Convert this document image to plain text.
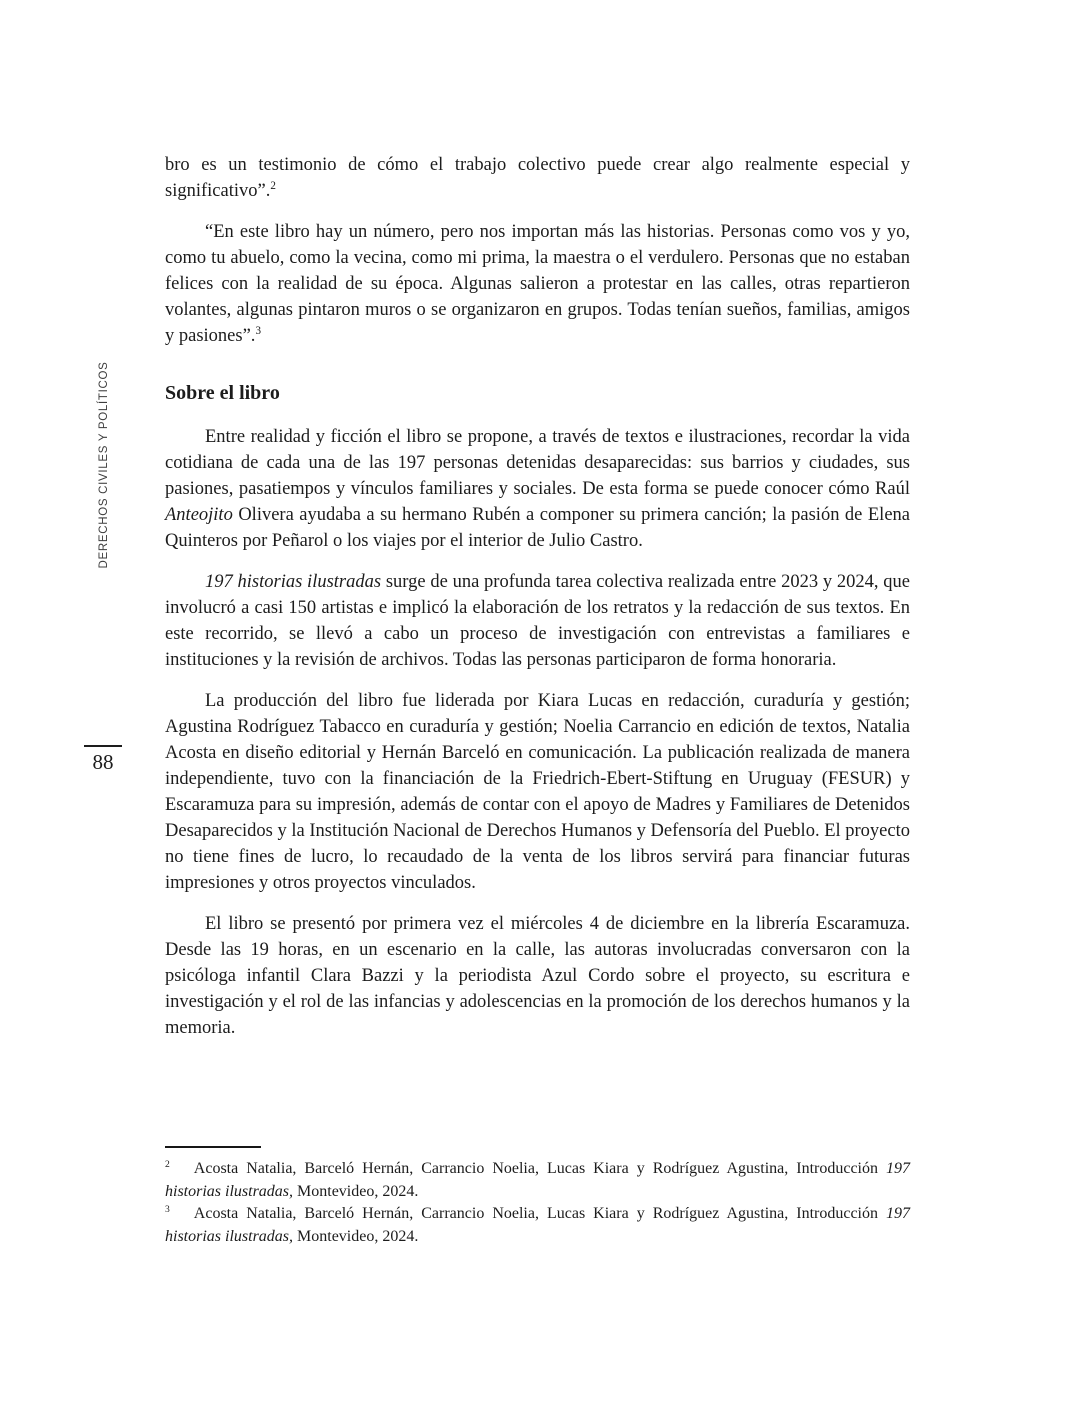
DERECHOS CIVILES Y POLÍTICOS
88

bro es un testimonio de cómo el trabajo colectivo puede crear algo realmente especial y significativo”.$^2$

“En este libro hay un número, pero nos importan más las historias. Personas como vos y yo, como tu abuelo, como la vecina, como mi prima, la maestra o el verdulero. Personas que no estaban felices con la realidad de su época. Algunas salieron a protestar en las calles, otras repartieron volantes, algunas pintaron muros o se organizaron en grupos. Todas tenían sueños, familias, amigos y pasiones”.$^3$

Sobre el libro

Entre realidad y ficción el libro se propone, a través de textos e ilustraciones, recordar la vida cotidiana de cada una de las 197 personas detenidas desaparecidas: sus barrios y ciudades, sus pasiones, pasatiempos y vínculos familiares y sociales. De esta forma se puede conocer cómo Raúl Anteojito Olivera ayudaba a su hermano Rubén a componer su primera canción; la pasión de Elena Quinteros por Peñarol o los viajes por el interior de Julio Castro.

197 historias ilustradas surge de una profunda tarea colectiva realizada entre 2023 y 2024, que involucró a casi 150 artistas e implicó la elaboración de los retratos y la redacción de sus textos. En este recorrido, se llevó a cabo un proceso de investigación con entrevistas a familiares e instituciones y la revisión de archivos. Todas las personas participaron de forma honoraria.

La producción del libro fue liderada por Kiara Lucas en redacción, curaduría y gestión; Agustina Rodríguez Tabacco en curaduría y gestión; Noelia Carrancio en edición de textos, Natalia Acosta en diseño editorial y Hernán Barceló en comunicación. La publicación realizada de manera independiente, tuvo con la financiación de la Friedrich-Ebert-Stiftung en Uruguay (FESUR) y Escaramuza para su impresión, además de contar con el apoyo de Madres y Familiares de Detenidos Desaparecidos y la Institución Nacional de Derechos Humanos y Defensoría del Pueblo. El proyecto no tiene fines de lucro, lo recaudado de la venta de los libros servirá para financiar futuras impresiones y otros proyectos vinculados.

El libro se presentó por primera vez el miércoles 4 de diciembre en la librería Escaramuza. Desde las 19 horas, en un escenario en la calle, las autoras involucradas conversaron con la psicóloga infantil Clara Bazzi y la periodista Azul Cordo sobre el proyecto, su escritura e investigación y el rol de las infancias y adolescencias en la promoción de los derechos humanos y la memoria.

$^2$ Acosta Natalia, Barceló Hernán, Carrancio Noelia, Lucas Kiara y Rodríguez Agustina, Introducción 197 historias ilustradas, Montevideo, 2024.

$^3$ Acosta Natalia, Barceló Hernán, Carrancio Noelia, Lucas Kiara y Rodríguez Agustina, Introducción 197 historias ilustradas, Montevideo, 2024.
